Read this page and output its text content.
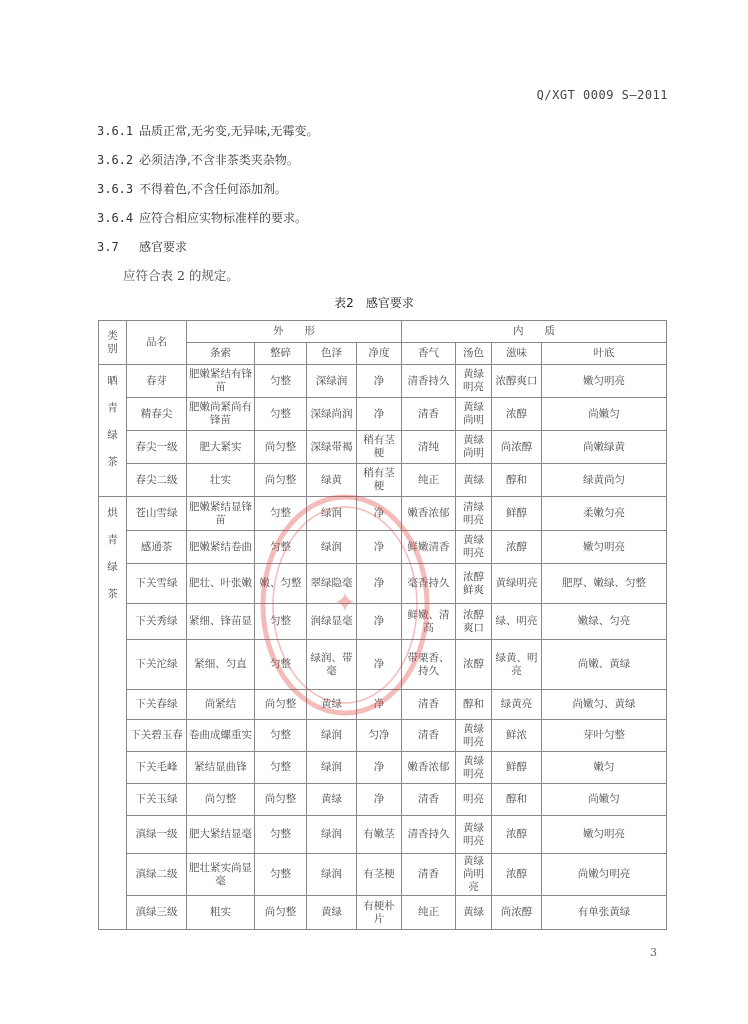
Q/XGT 0009 S—2011
3.6.1 品质正常,无劣变,无异味,无霉变。
3.6.2 必须洁净,不含非茶类夹杂物。
3.6.3 不得着色,不含任何添加剂。
3.6.4 应符合相应实物标准样的要求。
3.7 感官要求
应符合表 2 的规定。
表2 感官要求
类别	品名	外　　形				内　　质			
		条索	整碎	色泽	净度	香气	汤色	滋味	叶底

晒
青
绿
茶	春芽	肥嫩紧结有锋苗	匀整	深绿润	净	清香持久	黄绿明亮	浓醇爽口	嫩匀明亮
	精春尖	肥嫩尚紧尚有锋苗	匀整	深绿尚润	净	清香	黄绿尚明	浓醇	尚嫩匀
	春尖一级	肥大紧实	尚匀整	深绿带褐	稍有茎梗	清纯	黄绿尚明	尚浓醇	尚嫩绿黄
	春尖二级	壮实	尚匀整	绿黄	稍有茎梗	纯正	黄绿	醇和	绿黄尚匀

烘
青
绿
茶	苍山雪绿	肥嫩紧结显锋苗	匀整	绿润	净	嫩香浓郁	清绿明亮	鲜醇	柔嫩匀亮
	感通茶	肥嫩紧结卷曲	匀整	绿润	净	鲜嫩清香	黄绿明亮	浓醇	嫩匀明亮
	下关雪绿	肥壮、叶张嫩	嫩、匀整	翠绿隐毫	净	毫香持久	浓醇鲜爽	黄绿明亮	肥厚、嫩绿、匀整
	下关秀绿	紧细、锋苗显	匀整	润绿显毫	净	鲜嫩、清高	浓醇爽口	绿、明亮	嫩绿、匀亮
	下关沱绿	紧细、匀直	匀整	绿润、带毫	净	带栗香、持久	浓醇	绿黄、明亮	尚嫩、黄绿
	下关春绿	尚紧结	尚匀整	黄绿	净	清香	醇和	绿黄亮	尚嫩匀、黄绿
	下关碧玉春	卷曲成螺重实	匀整	绿润	匀净	清香	黄绿明亮	鲜浓	芽叶匀整
	下关毛峰	紧结显曲锋	匀整	绿润	净	嫩香浓郁	黄绿明亮	鲜醇	嫩匀
	下关玉绿	尚匀整	尚匀整	黄绿	净	清香	明亮	醇和	尚嫩匀
	滇绿一级	肥大紧结显毫	匀整	绿润	有嫩茎	清香持久	黄绿明亮	浓醇	嫩匀明亮
	滇绿二级	肥壮紧实尚显毫	匀整	绿润	有茎梗	清香	黄绿尚明亮	浓醇	尚嫩匀明亮
	滇绿三级	粗实	尚匀整	黄绿	有梗朴片	纯正	黄绿	尚浓醇	有单张黄绿
✦
3
